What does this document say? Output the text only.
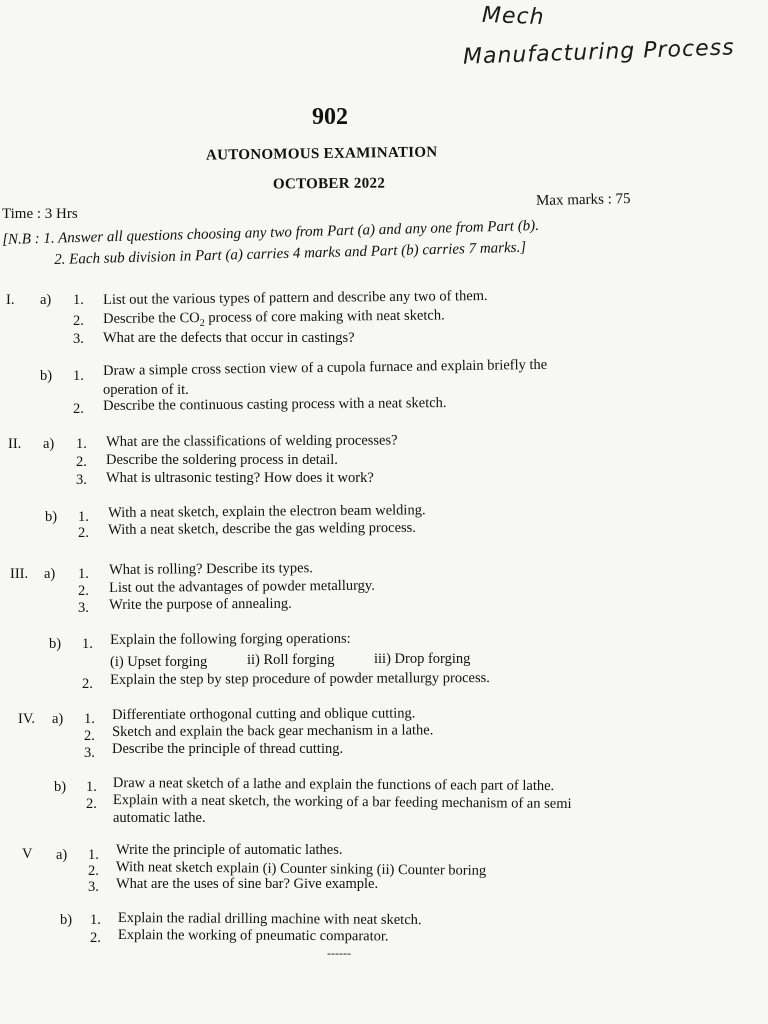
Mech
Manufacturing Process
902
AUTONOMOUS EXAMINATION
OCTOBER 2022
Time : 3 Hrs
Max marks : 75
[N.B : 1. Answer all questions choosing any two from Part (a) and any one from Part (b).
2. Each sub division in Part (a) carries 4 marks and Part (b) carries 7 marks.]
I. a) 1. List out the various types of pattern and describe any two of them.
2. Describe the $CO_2$ process of core making with neat sketch.
3. What are the defects that occur in castings?
b) 1. Draw a simple cross section view of a cupola furnace and explain briefly the
operation of it.
2. Describe the continuous casting process with a neat sketch.
II. a) 1. What are the classifications of welding processes?
2. Describe the soldering process in detail.
3. What is ultrasonic testing? How does it work?
b) 1. With a neat sketch, explain the electron beam welding.
2. With a neat sketch, describe the gas welding process.
III. a) 1. What is rolling? Describe its types.
2. List out the advantages of powder metallurgy.
3. Write the purpose of annealing.
b) 1. Explain the following forging operations:
(i) Upset forging	ii) Roll forging	iii) Drop forging
2. Explain the step by step procedure of powder metallurgy process.
IV. a) 1. Differentiate orthogonal cutting and oblique cutting.
2. Sketch and explain the back gear mechanism in a lathe.
3. Describe the principle of thread cutting.
b) 1. Draw a neat sketch of a lathe and explain the functions of each part of lathe.
2. Explain with a neat sketch, the working of a bar feeding mechanism of an semi
automatic lathe.
V a) 1. Write the principle of automatic lathes.
2. With neat sketch explain (i) Counter sinking (ii) Counter boring
3. What are the uses of sine bar? Give example.
b) 1. Explain the radial drilling machine with neat sketch.
2. Explain the working of pneumatic comparator.
------
